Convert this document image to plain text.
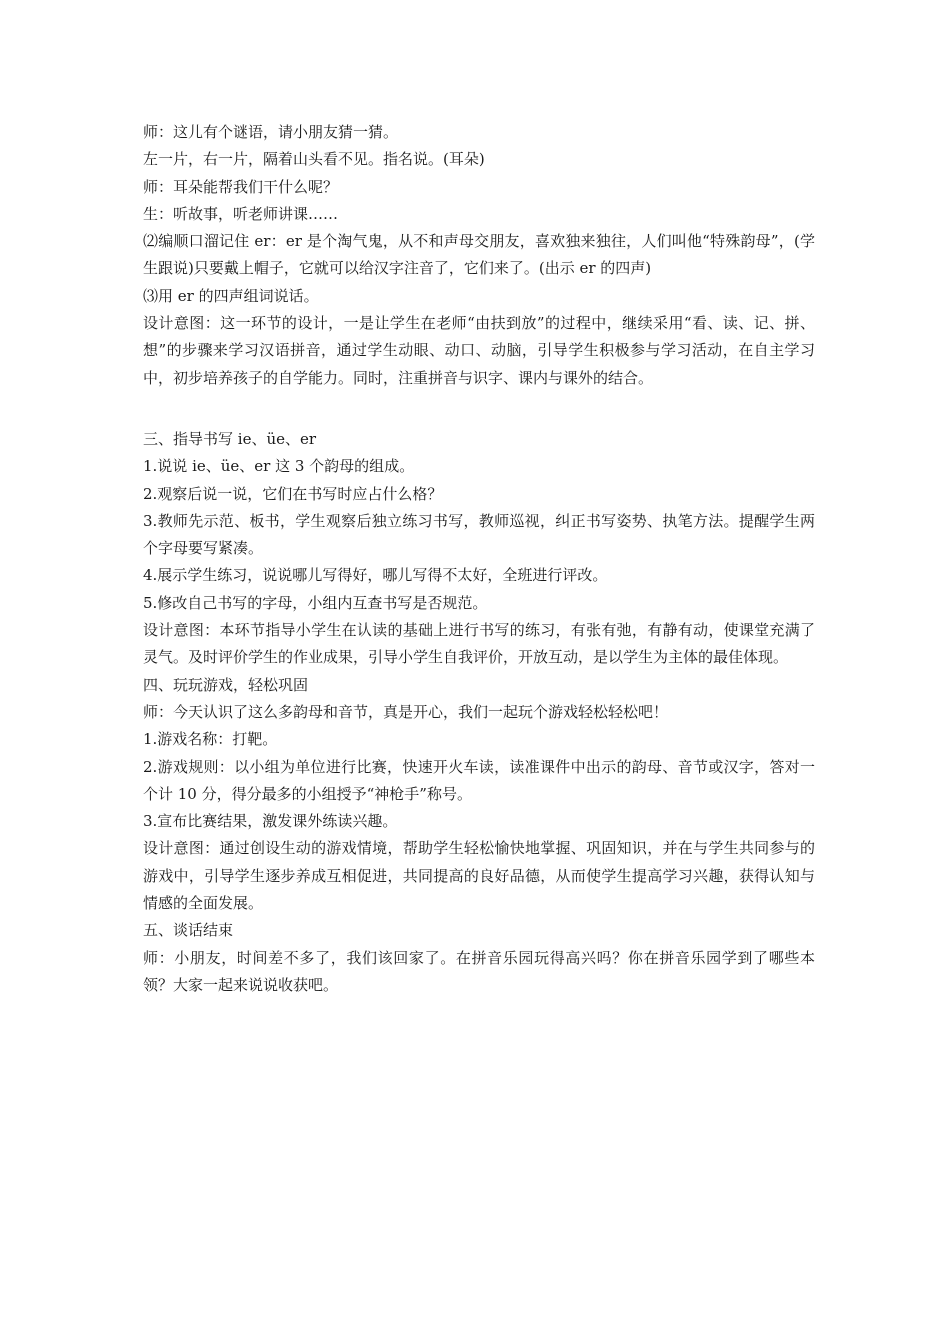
师：这儿有个谜语，请小朋友猜一猜。

左一片，右一片，隔着山头看不见。指名说。(耳朵)

师：耳朵能帮我们干什么呢？

生：听故事，听老师讲课……

⑵编顺口溜记住 er：er 是个淘气鬼，从不和声母交朋友，喜欢独来独往，人们叫他“特殊韵母”，(学生跟说)只要戴上帽子，它就可以给汉字注音了，它们来了。(出示 er 的四声)

⑶用 er 的四声组词说话。

设计意图：这一环节的设计，一是让学生在老师“由扶到放”的过程中，继续采用“看、读、记、拼、想”的步骤来学习汉语拼音，通过学生动眼、动口、动脑，引导学生积极参与学习活动，在自主学习中，初步培养孩子的自学能力。同时，注重拼音与识字、课内与课外的结合。

三、指导书写 ie、üe、er

1.说说 ie、üe、er 这 3 个韵母的组成。

2.观察后说一说，它们在书写时应占什么格？

3.教师先示范、板书，学生观察后独立练习书写，教师巡视，纠正书写姿势、执笔方法。提醒学生两个字母要写紧凑。

4.展示学生练习，说说哪儿写得好，哪儿写得不太好，全班进行评改。

5.修改自己书写的字母，小组内互查书写是否规范。

设计意图：本环节指导小学生在认读的基础上进行书写的练习，有张有弛，有静有动，使课堂充满了灵气。及时评价学生的作业成果，引导小学生自我评价，开放互动，是以学生为主体的最佳体现。

四、玩玩游戏，轻松巩固

师：今天认识了这么多韵母和音节，真是开心，我们一起玩个游戏轻松轻松吧！

1.游戏名称：打靶。

2.游戏规则：以小组为单位进行比赛，快速开火车读，读准课件中出示的韵母、音节或汉字，答对一个计 10 分，得分最多的小组授予“神枪手”称号。

3.宣布比赛结果，激发课外练读兴趣。

设计意图：通过创设生动的游戏情境，帮助学生轻松愉快地掌握、巩固知识，并在与学生共同参与的游戏中，引导学生逐步养成互相促进，共同提高的良好品德，从而使学生提高学习兴趣，获得认知与情感的全面发展。

五、谈话结束

师：小朋友，时间差不多了，我们该回家了。在拼音乐园玩得高兴吗？你在拼音乐园学到了哪些本领？大家一起来说说收获吧。
